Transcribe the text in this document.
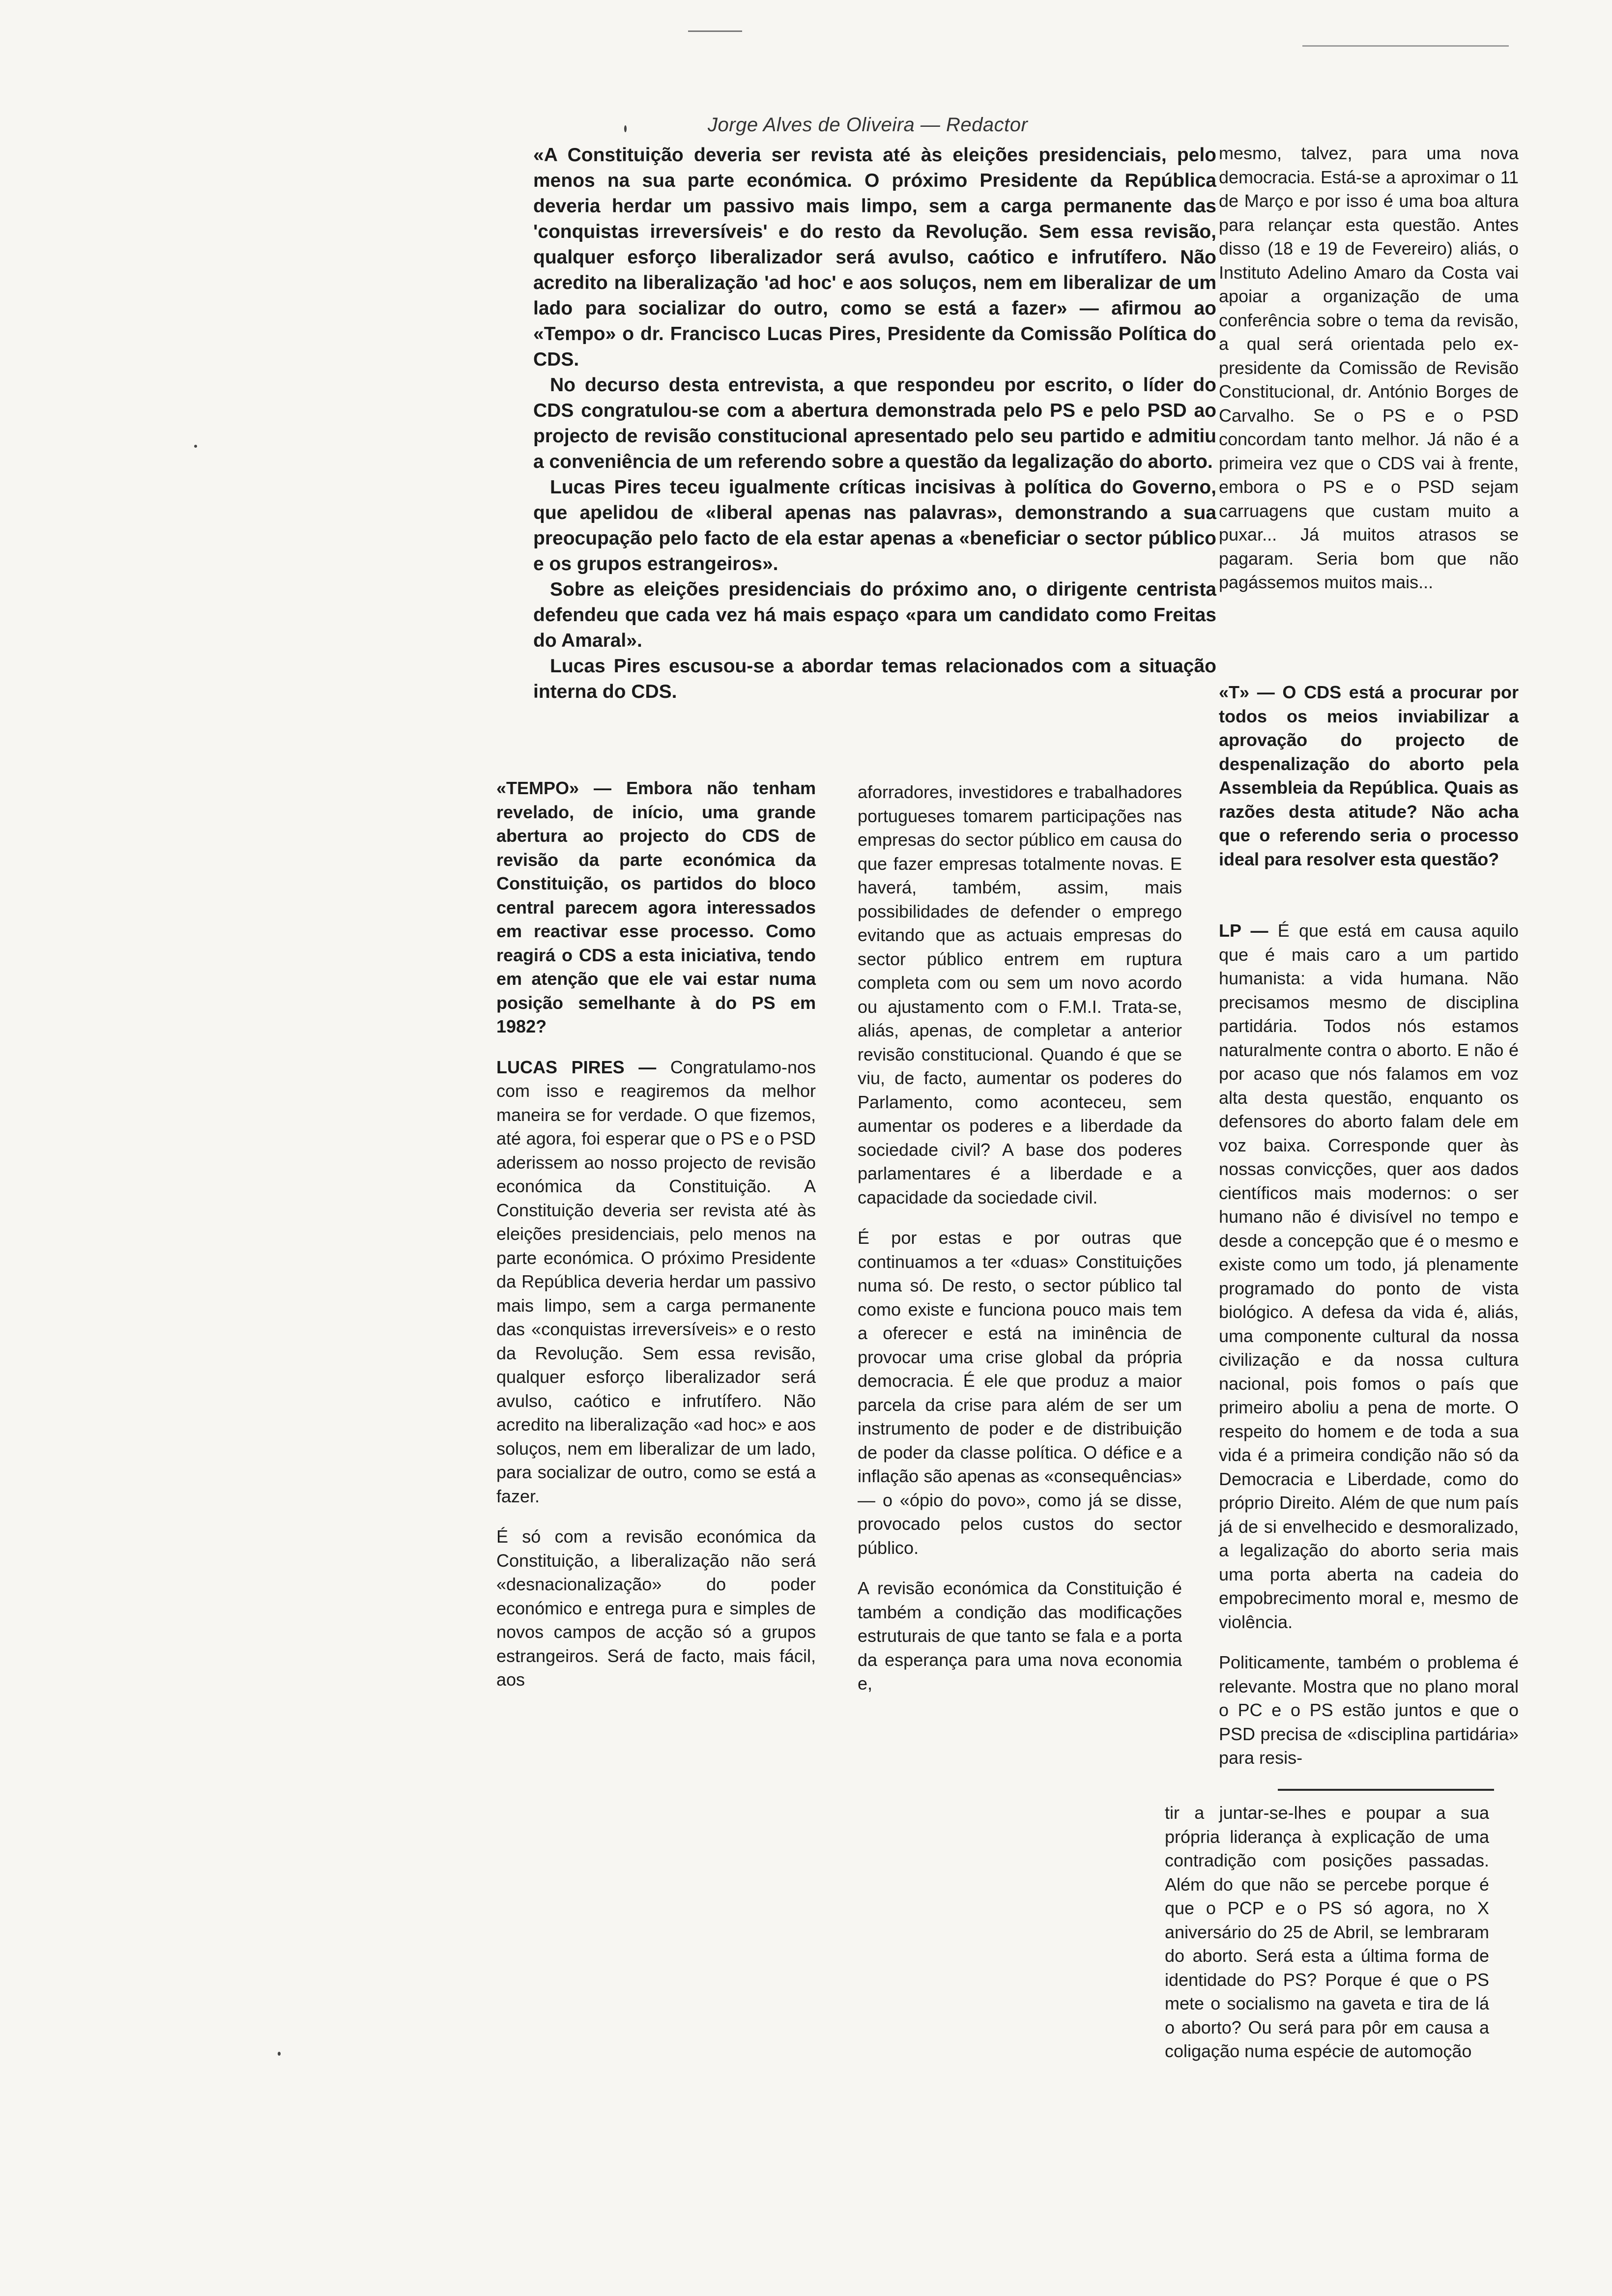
Jorge Alves de Oliveira — Redactor

«A Constituição deveria ser revista até às eleições presidenciais, pelo menos na sua parte económica. O próximo Presidente da República deveria herdar um passivo mais limpo, sem a carga permanente das 'conquistas irreversíveis' e do resto da Revolução. Sem essa revisão, qualquer esforço liberalizador será avulso, caótico e infrutífero. Não acredito na liberalização 'ad hoc' e aos soluços, nem em liberalizar de um lado para socializar do outro, como se está a fazer» — afirmou ao «Tempo» o dr. Francisco Lucas Pires, Presidente da Comissão Política do CDS.

No decurso desta entrevista, a que respondeu por escrito, o líder do CDS congratulou-se com a abertura demonstrada pelo PS e pelo PSD ao projecto de revisão constitucional apresentado pelo seu partido e admitiu a conveniência de um referendo sobre a questão da legalização do aborto.

Lucas Pires teceu igualmente críticas incisivas à política do Governo, que apelidou de «liberal apenas nas palavras», demonstrando a sua preocupação pelo facto de ela estar apenas a «beneficiar o sector público e os grupos estrangeiros».

Sobre as eleições presidenciais do próximo ano, o dirigente centrista defendeu que cada vez há mais espaço «para um candidato como Freitas do Amaral».

Lucas Pires escusou-se a abordar temas relacionados com a situação interna do CDS.

«TEMPO» — Embora não tenham revelado, de início, uma grande abertura ao projecto do CDS de revisão da parte económica da Constituição, os partidos do bloco central parecem agora interessados em reactivar esse processo. Como reagirá o CDS a esta iniciativa, tendo em atenção que ele vai estar numa posição semelhante à do PS em 1982?

LUCAS PIRES — Congratulamo-nos com isso e reagiremos da melhor maneira se for verdade. O que fizemos, até agora, foi esperar que o PS e o PSD aderissem ao nosso projecto de revisão económica da Constituição. A Constituição deveria ser revista até às eleições presidenciais, pelo menos na parte económica. O próximo Presidente da República deveria herdar um passivo mais limpo, sem a carga permanente das «conquistas irreversíveis» e o resto da Revolução. Sem essa revisão, qualquer esforço liberalizador será avulso, caótico e infrutífero. Não acredito na liberalização «ad hoc» e aos soluços, nem em liberalizar de um lado, para socializar de outro, como se está a fazer.

É só com a revisão económica da Constituição, a liberalização não será «desnacionalização» do poder económico e entrega pura e simples de novos campos de acção só a grupos estrangeiros. Será de facto, mais fácil, aos

aforradores, investidores e trabalhadores portugueses tomarem participações nas empresas do sector público em causa do que fazer empresas totalmente novas. E haverá, também, assim, mais possibilidades de defender o emprego evitando que as actuais empresas do sector público entrem em ruptura completa com ou sem um novo acordo ou ajustamento com o F.M.I. Trata-se, aliás, apenas, de completar a anterior revisão constitucional. Quando é que se viu, de facto, aumentar os poderes do Parlamento, como aconteceu, sem aumentar os poderes e a liberdade da sociedade civil? A base dos poderes parlamentares é a liberdade e a capacidade da sociedade civil.

É por estas e por outras que continuamos a ter «duas» Constituições numa só. De resto, o sector público tal como existe e funciona pouco mais tem a oferecer e está na iminência de provocar uma crise global da própria democracia. É ele que produz a maior parcela da crise para além de ser um instrumento de poder e de distribuição de poder da classe política. O défice e a inflação são apenas as «consequências» — o «ópio do povo», como já se disse, provocado pelos custos do sector público.

A revisão económica da Constituição é também a condição das modificações estruturais de que tanto se fala e a porta da esperança para uma nova economia e,

mesmo, talvez, para uma nova democracia. Está-se a aproximar o 11 de Março e por isso é uma boa altura para relançar esta questão. Antes disso (18 e 19 de Fevereiro) aliás, o Instituto Adelino Amaro da Costa vai apoiar a organização de uma conferência sobre o tema da revisão, a qual será orientada pelo ex-presidente da Comissão de Revisão Constitucional, dr. António Borges de Carvalho. Se o PS e o PSD concordam tanto melhor. Já não é a primeira vez que o CDS vai à frente, embora o PS e o PSD sejam carruagens que custam muito a puxar... Já muitos atrasos se pagaram. Seria bom que não pagássemos muitos mais...

«T» — O CDS está a procurar por todos os meios inviabilizar a aprovação do projecto de despenalização do aborto pela Assembleia da República. Quais as razões desta atitude? Não acha que o referendo seria o processo ideal para resolver esta questão?

LP — É que está em causa aquilo que é mais caro a um partido humanista: a vida humana. Não precisamos mesmo de disciplina partidária. Todos nós estamos naturalmente contra o aborto. E não é por acaso que nós falamos em voz alta desta questão, enquanto os defensores do aborto falam dele em voz baixa. Corresponde quer às nossas convicções, quer aos dados científicos mais modernos: o ser humano não é divisível no tempo e desde a concepção que é o mesmo e existe como um todo, já plenamente programado do ponto de vista biológico. A defesa da vida é, aliás, uma componente cultural da nossa civilização e da nossa cultura nacional, pois fomos o país que primeiro aboliu a pena de morte. O respeito do homem e de toda a sua vida é a primeira condição não só da Democracia e Liberdade, como do próprio Direito. Além de que num país já de si envelhecido e desmoralizado, a legalização do aborto seria mais uma porta aberta na cadeia do empobrecimento moral e, mesmo de violência.

Politicamente, também o problema é relevante. Mostra que no plano moral o PC e o PS estão juntos e que o PSD precisa de «disciplina partidária» para resis-

tir a juntar-se-lhes e poupar a sua própria liderança à explicação de uma contradição com posições passadas. Além do que não se percebe porque é que o PCP e o PS só agora, no X aniversário do 25 de Abril, se lembraram do aborto. Será esta a última forma de identidade do PS? Porque é que o PS mete o socialismo na gaveta e tira de lá o aborto? Ou será para pôr em causa a coligação numa espécie de automoção
